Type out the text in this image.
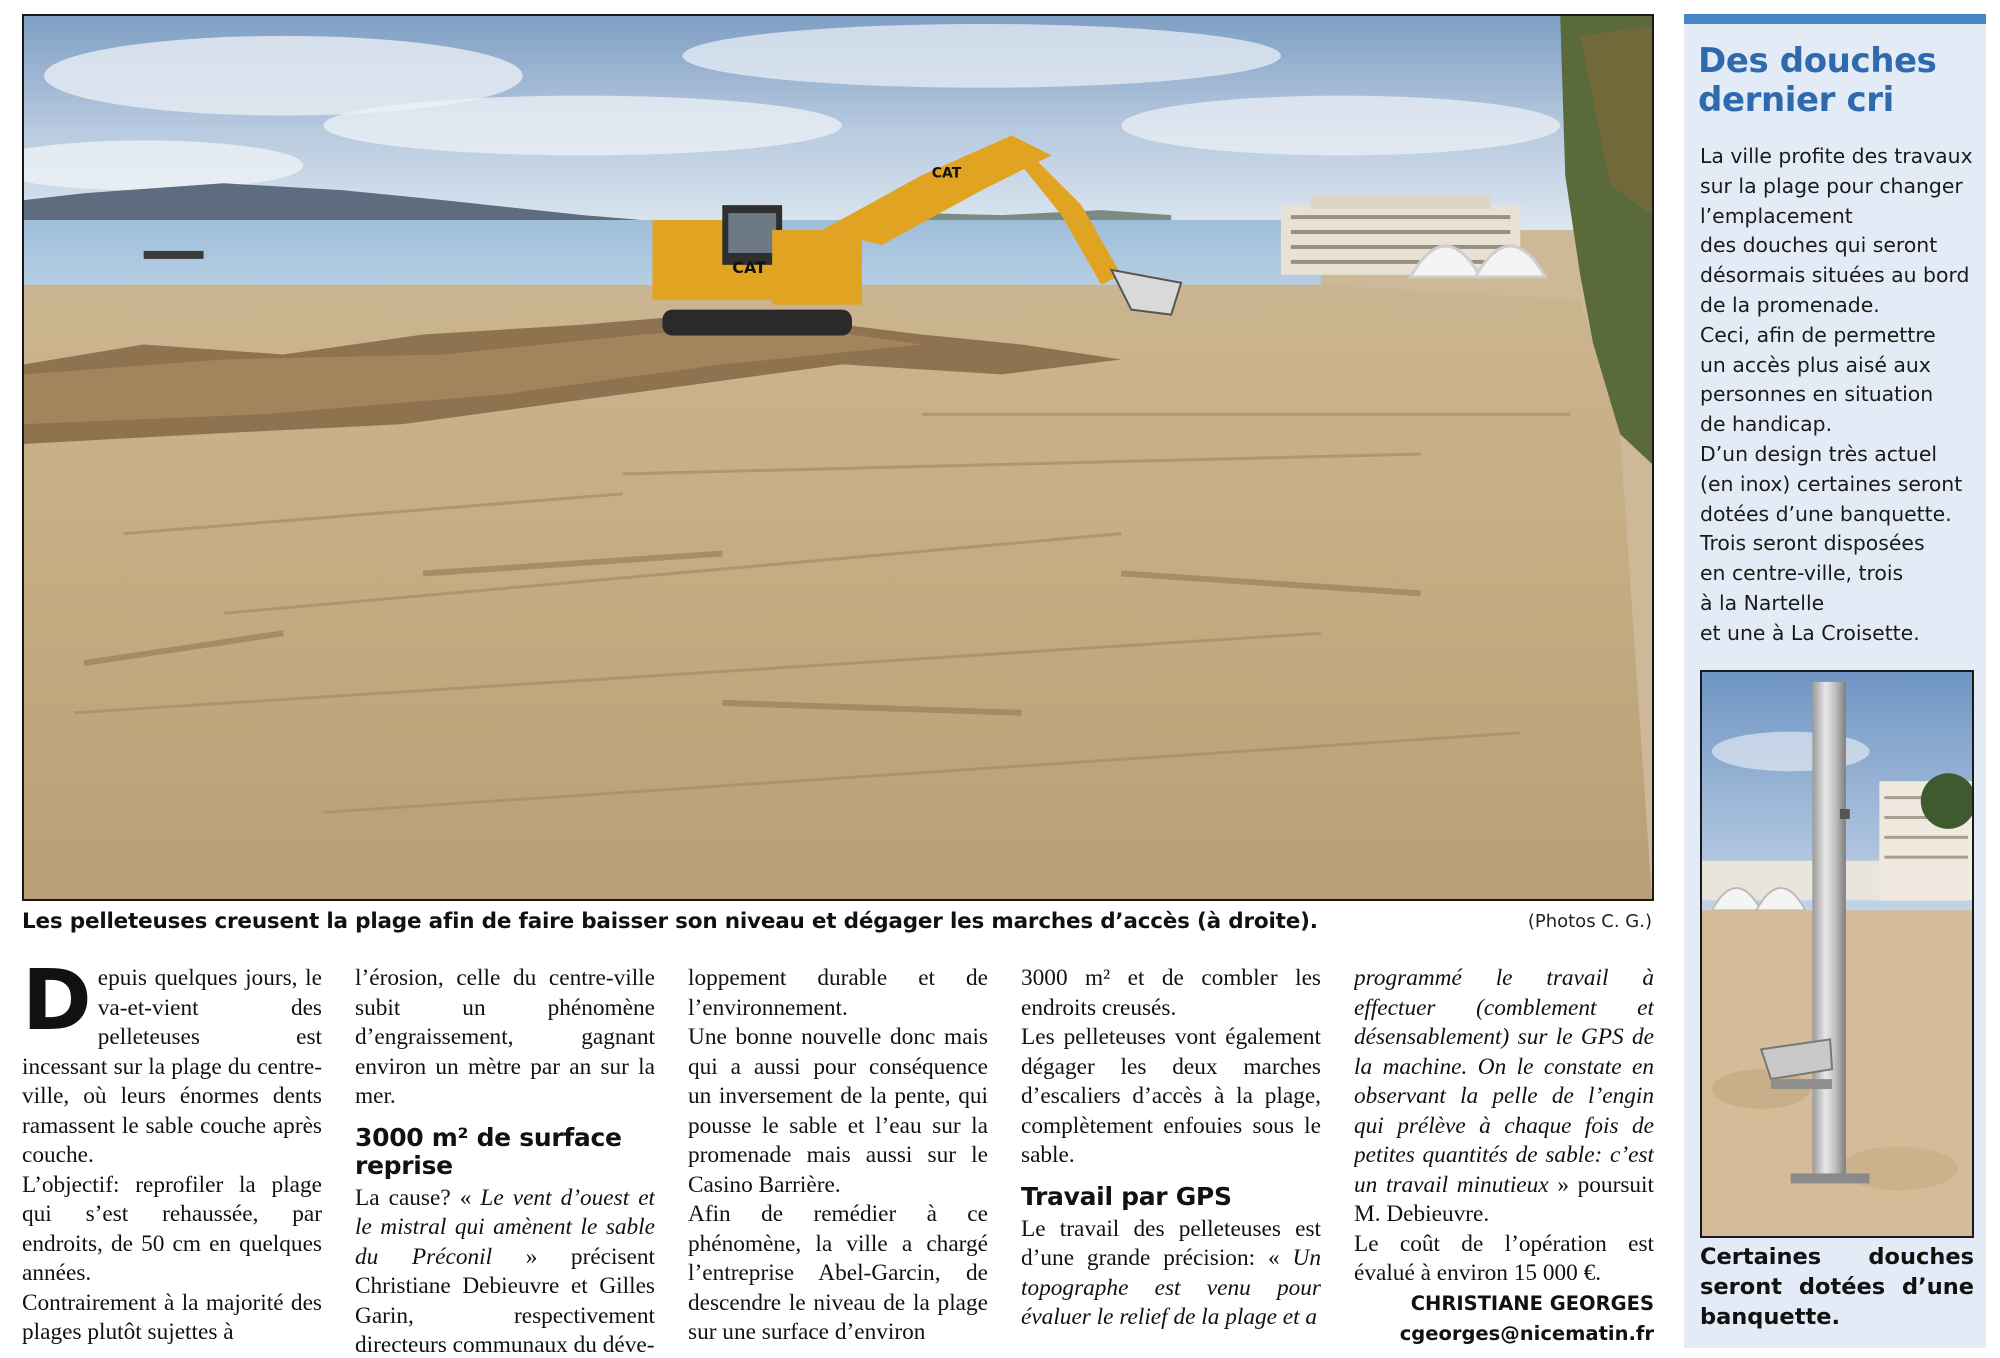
CAT
CAT
Les pelleteuses creusent la plage afin de faire baisser son niveau et dégager les marches d’accès (à droite).	(Photos C. G.)

Depuis quelques jours, le va-et-vient des pelleteuses est incessant sur la plage du centre-ville, où leurs énormes dents ramassent le sable couche après couche.

L’objectif: reprofiler la plage qui s’est rehaussée, par endroits, de 50 cm en quelques années.

Contrairement à la majorité des plages plutôt sujettes à

l’érosion, celle du centre-ville subit un phénomène d’engraissement, gagnant environ un mètre par an sur la mer.

3000 m² de surface reprise

La cause? « Le vent d’ouest et le mistral qui amènent le sable du Préconil » précisent Christiane Debieuvre et Gilles Garin, respectivement directeurs communaux du déve-

loppement durable et de l’environnement.

Une bonne nouvelle donc mais qui a aussi pour conséquence un inversement de la pente, qui pousse le sable et l’eau sur la promenade mais aussi sur le Casino Barrière.

Afin de remédier à ce phénomène, la ville a chargé l’entreprise Abel-Garcin, de descendre le niveau de la plage sur une surface d’environ

3000 m² et de combler les endroits creusés.

Les pelleteuses vont également dégager les deux marches d’escaliers d’accès à la plage, complètement enfouies sous le sable.

Travail par GPS

Le travail des pelleteuses est d’une grande précision: « Un topographe est venu pour évaluer le relief de la plage et a

programmé le travail à effectuer (comblement et désensablement) sur le GPS de la machine. On le constate en observant la pelle de l’engin qui prélève à chaque fois de petites quantités de sable: c’est un travail minutieux » poursuit M. Debieuvre.

Le coût de l’opération est évalué à environ 15 000 €.

CHRISTIANE GEORGES
cgeorges@nicematin.fr
Des douches
dernier cri
La ville profite des travaux
sur la plage pour changer
l’emplacement
des douches qui seront
désormais situées au bord
de la promenade.
Ceci, afin de permettre
un accès plus aisé aux
personnes en situation
de handicap.
D’un design très actuel
(en inox) certaines seront
dotées d’une banquette.
Trois seront disposées
en centre-ville, trois
à la Nartelle
et une à La Croisette.
Certaines douches seront dotées d’une banquette.
